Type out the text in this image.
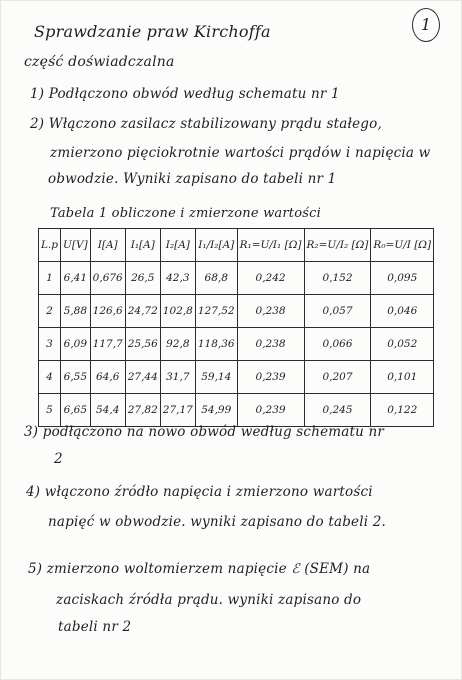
Sprawdzanie praw Kirchoffa	1
część doświadczalna
1) Podłączono obwód według schematu nr 1
2) Włączono zasilacz stabilizowany prądu stałego,
zmierzono pięciokrotnie wartości prądów i napięcia w
obwodzie. Wyniki zapisano do tabeli nr 1
Tabela 1 obliczone i zmierzone wartości
L.p	U[V]	I[A]	I₁[A]	I₂[A]	I₁/I₂[A]	R₁=U/I₁ [Ω]	R₂=U/I₂ [Ω]	R₀=U/I [Ω]
1	6,41	0,676	26,5	42,3	68,8	0,242	0,152	0,095
2	5,88	126,6	24,72	102,8	127,52	0,238	0,057	0,046
3	6,09	117,7	25,56	92,8	118,36	0,238	0,066	0,052
4	6,55	64,6	27,44	31,7	59,14	0,239	0,207	0,101
5	6,65	54,4	27,82	27,17	54,99	0,239	0,245	0,122
3) podłączono na nowo obwód według schematu nr
2
4) włączono źródło napięcia i zmierzono wartości
napięć w obwodzie. wyniki zapisano do tabeli 2.
5) zmierzono woltomierzem napięcie ℰ (SEM) na
zaciskach źródła prądu. wyniki zapisano do
tabeli nr 2
